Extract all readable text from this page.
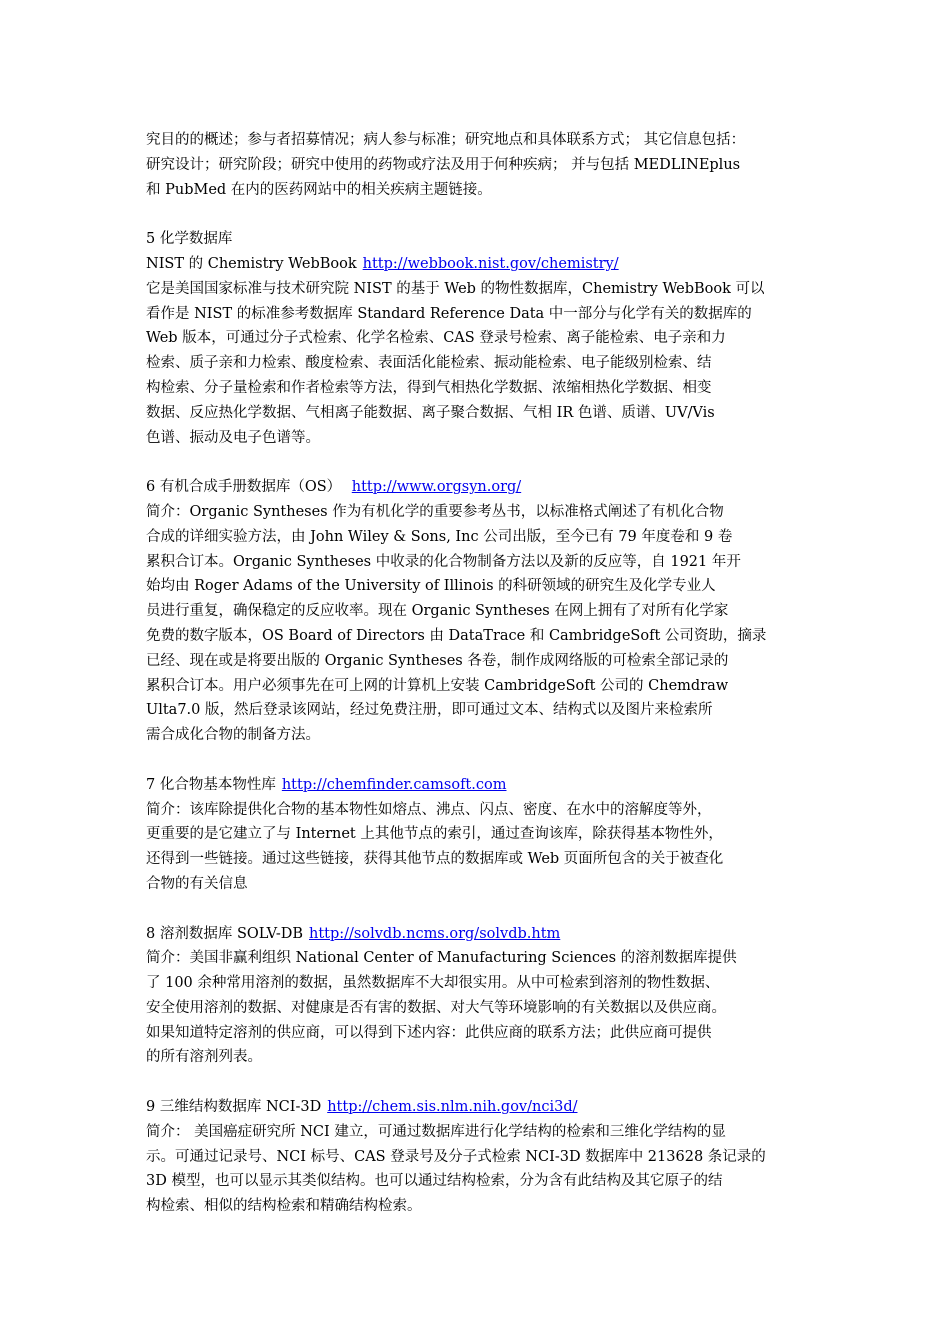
究目的的概述；参与者招募情况；病人参与标准；研究地点和具体联系方式； 其它信息包括：
研究设计；研究阶段；研究中使用的药物或疗法及用于何种疾病； 并与包括 MEDLINEplus
和 PubMed 在内的医药网站中的相关疾病主题链接。
5 化学数据库
NIST 的 Chemistry WebBook http://webbook.nist.gov/chemistry/
它是美国国家标准与技术研究院 NIST 的基于 Web 的物性数据库，Chemistry WebBook 可以
看作是 NIST 的标准参考数据库 Standard Reference Data 中一部分与化学有关的数据库的
Web 版本，可通过分子式检索、化学名检索、CAS 登录号检索、离子能检索、电子亲和力
检索、质子亲和力检索、酸度检索、表面活化能检索、振动能检索、电子能级别检索、结
构检索、分子量检索和作者检索等方法，得到气相热化学数据、浓缩相热化学数据、相变
数据、反应热化学数据、气相离子能数据、离子聚合数据、气相 IR 色谱、质谱、UV/Vis
色谱、振动及电子色谱等。
6 有机合成手册数据库（OS） http://www.orgsyn.org/
简介：Organic Syntheses 作为有机化学的重要参考丛书，以标准格式阐述了有机化合物
合成的详细实验方法，由 John Wiley & Sons, Inc 公司出版，至今已有 79 年度卷和 9 卷
累积合订本。Organic Syntheses 中收录的化合物制备方法以及新的反应等，自 1921 年开
始均由 Roger Adams of the University of Illinois 的科研领域的研究生及化学专业人
员进行重复，确保稳定的反应收率。现在 Organic Syntheses 在网上拥有了对所有化学家
免费的数字版本，OS Board of Directors 由 DataTrace 和 CambridgeSoft 公司资助，摘录
已经、现在或是将要出版的 Organic Syntheses 各卷，制作成网络版的可检索全部记录的
累积合订本。用户必须事先在可上网的计算机上安装 CambridgeSoft 公司的 Chemdraw
Ulta7.0 版，然后登录该网站，经过免费注册，即可通过文本、结构式以及图片来检索所
需合成化合物的制备方法。
7 化合物基本物性库 http://chemfinder.camsoft.com
简介：该库除提供化合物的基本物性如熔点、沸点、闪点、密度、在水中的溶解度等外，
更重要的是它建立了与 Internet 上其他节点的索引，通过查询该库，除获得基本物性外，
还得到一些链接。通过这些链接，获得其他节点的数据库或 Web 页面所包含的关于被查化
合物的有关信息
8 溶剂数据库 SOLV-DB http://solvdb.ncms.org/solvdb.htm
简介：美国非赢利组织 National Center of Manufacturing Sciences 的溶剂数据库提供
了 100 余种常用溶剂的数据，虽然数据库不大却很实用。从中可检索到溶剂的物性数据、
安全使用溶剂的数据、对健康是否有害的数据、对大气等环境影响的有关数据以及供应商。
如果知道特定溶剂的供应商，可以得到下述内容：此供应商的联系方法；此供应商可提供
的所有溶剂列表。
9 三维结构数据库 NCI-3D http://chem.sis.nlm.nih.gov/nci3d/
简介： 美国癌症研究所 NCI 建立，可通过数据库进行化学结构的检索和三维化学结构的显
示。可通过记录号、NCI 标号、CAS 登录号及分子式检索 NCI-3D 数据库中 213628 条记录的
3D 模型，也可以显示其类似结构。也可以通过结构检索，分为含有此结构及其它原子的结
构检索、相似的结构检索和精确结构检索。
